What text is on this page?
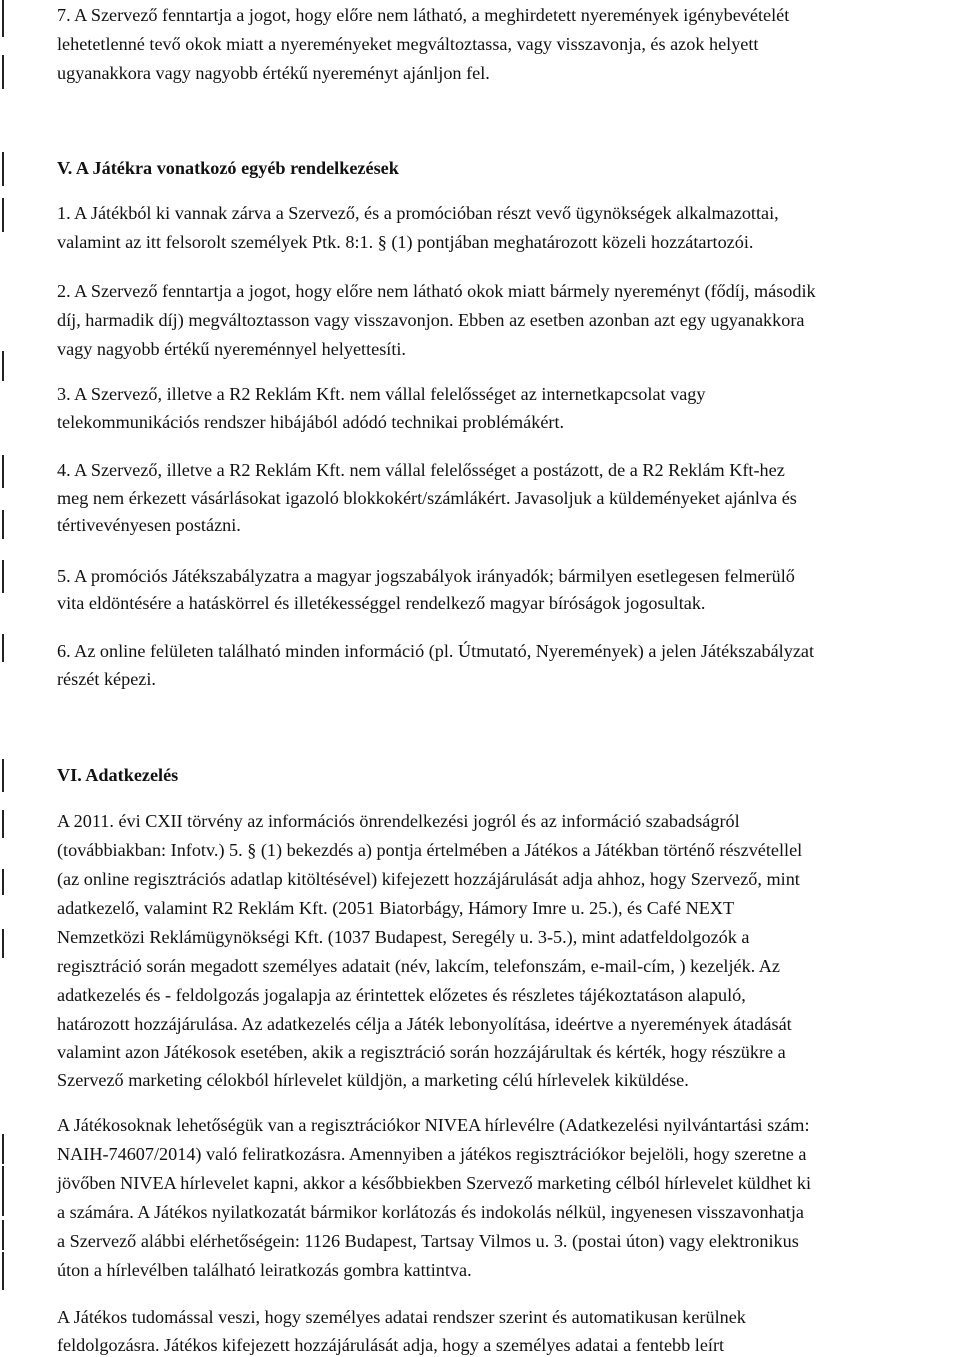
7. A Szervező fenntartja a jogot, hogy előre nem látható, a meghirdetett nyeremények igénybevételét
lehetetlenné tevő okok miatt a nyereményeket megváltoztassa, vagy visszavonja, és azok helyett
ugyanakkora vagy nagyobb értékű nyereményt ajánljon fel.
V. A Játékra vonatkozó egyéb rendelkezések
1. A Játékból ki vannak zárva a Szervező, és a promócióban részt vevő ügynökségek alkalmazottai,
valamint az itt felsorolt személyek Ptk. 8:1. § (1) pontjában meghatározott közeli hozzátartozói.
2. A Szervező fenntartja a jogot, hogy előre nem látható okok miatt bármely nyereményt (fődíj, második
díj, harmadik díj) megváltoztasson vagy visszavonjon. Ebben az esetben azonban azt egy ugyanakkora
vagy nagyobb értékű nyereménnyel helyettesíti.
3. A Szervező, illetve a R2 Reklám Kft. nem vállal felelősséget az internetkapcsolat vagy
telekommunikációs rendszer hibájából adódó technikai problémákért.
4. A Szervező, illetve a R2 Reklám Kft. nem vállal felelősséget a postázott, de a R2 Reklám Kft-hez
meg nem érkezett vásárlásokat igazoló blokkokért/számlákért. Javasoljuk a küldeményeket ajánlva és
tértivevényesen postázni.
5. A promóciós Játékszabályzatra a magyar jogszabályok irányadók; bármilyen esetlegesen felmerülő
vita eldöntésére a hatáskörrel és illetékességgel rendelkező magyar bíróságok jogosultak.
6. Az online felületen található minden információ (pl. Útmutató, Nyeremények) a jelen Játékszabályzat
részét képezi.
VI. Adatkezelés
A 2011. évi CXII törvény az információs önrendelkezési jogról és az információ szabadságról
(továbbiakban: Infotv.) 5. § (1) bekezdés a) pontja értelmében a Játékos a Játékban történő részvétellel
(az online regisztrációs adatlap kitöltésével) kifejezett hozzájárulását adja ahhoz, hogy Szervező, mint
adatkezelő, valamint R2 Reklám Kft. (2051 Biatorbágy, Hámory Imre u. 25.), és Café NEXT
Nemzetközi Reklámügynökségi Kft. (1037 Budapest, Seregély u. 3-5.), mint adatfeldolgozók a
regisztráció során megadott személyes adatait (név, lakcím, telefonszám, e-mail-cím, ) kezeljék. Az
adatkezelés és - feldolgozás jogalapja az érintettek előzetes és részletes tájékoztatáson alapuló,
határozott hozzájárulása. Az adatkezelés célja a Játék lebonyolítása, ideértve a nyeremények átadását
valamint azon Játékosok esetében, akik a regisztráció során hozzájárultak és kérték, hogy részükre a
Szervező marketing célokból hírlevelet küldjön, a marketing célú hírlevelek kiküldése.
A Játékosoknak lehetőségük van a regisztrációkor NIVEA hírlevélre (Adatkezelési nyilvántartási szám:
NAIH-74607/2014) való feliratkozásra. Amennyiben a játékos regisztrációkor bejelöli, hogy szeretne a
jövőben NIVEA hírlevelet kapni, akkor a későbbiekben Szervező marketing célból hírlevelet küldhet ki
a számára. A Játékos nyilatkozatát bármikor korlátozás és indokolás nélkül, ingyenesen visszavonhatja
a Szervező alábbi elérhetőségein: 1126 Budapest, Tartsay Vilmos u. 3. (postai úton) vagy elektronikus
úton a hírlevélben található leiratkozás gombra kattintva.
A Játékos tudomással veszi, hogy személyes adatai rendszer szerint és automatikusan kerülnek
feldolgozásra. Játékos kifejezett hozzájárulását adja, hogy a személyes adatai a fentebb leírt
